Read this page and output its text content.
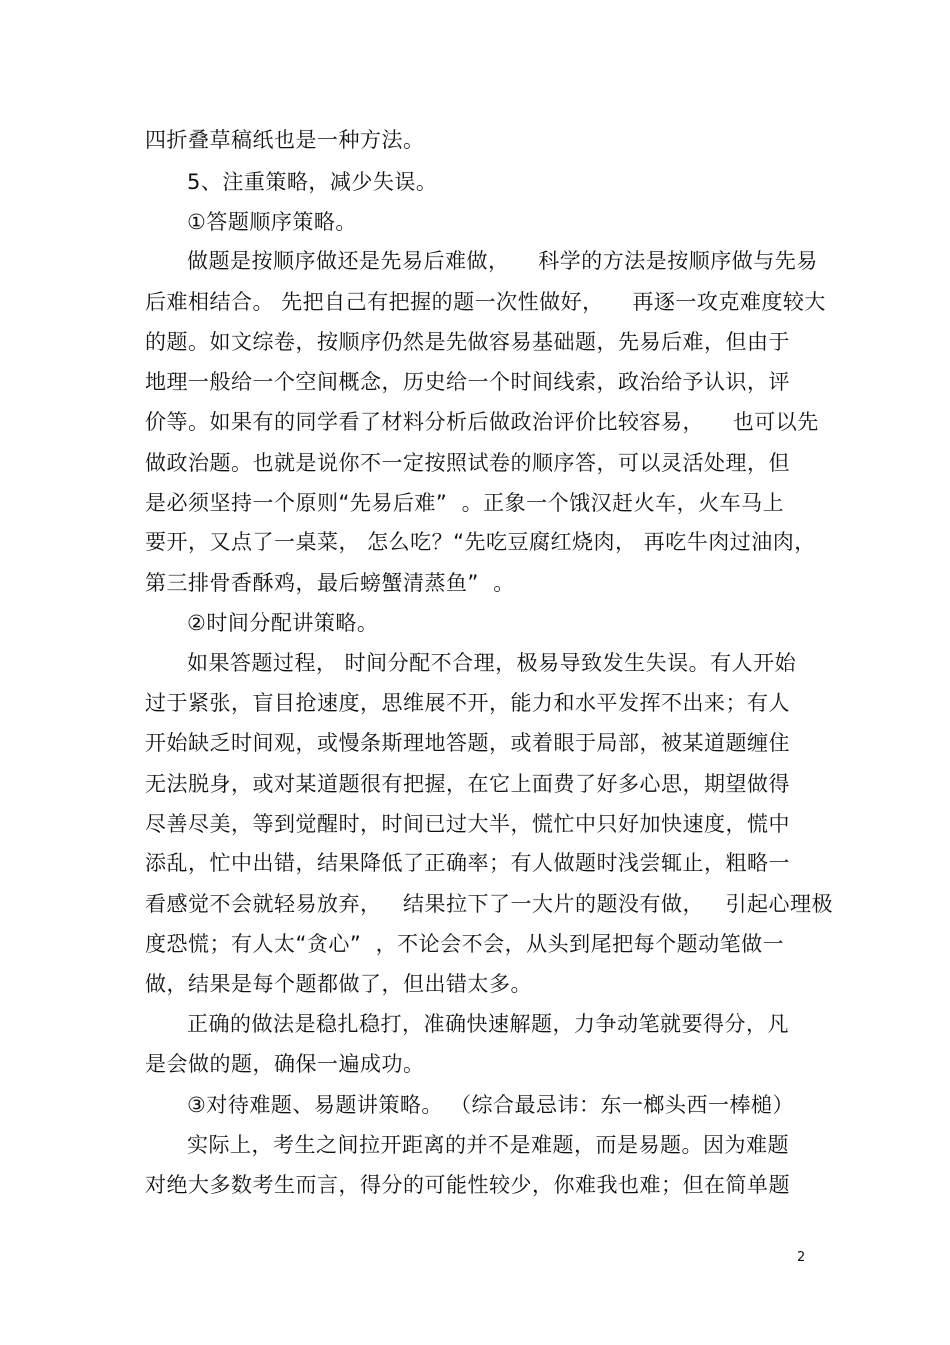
四折叠草稿纸也是一种方法。
5、注重策略，减少失误。
①答题顺序策略。
做题是按顺序做还是先易后难做，    科学的方法是按顺序做与先易
后难相结合。 先把自己有把握的题一次性做好，    再逐一攻克难度较大
的题。如文综卷，按顺序仍然是先做容易基础题，先易后难，但由于
地理一般给一个空间概念，历史给一个时间线索，政治给予认识，评
价等。如果有的同学看了材料分析后做政治评价比较容易，    也可以先
做政治题。也就是说你不一定按照试卷的顺序答，可以灵活处理，但
是必须坚持一个原则“先易后难”  。正象一个饿汉赶火车，火车马上
要开，又点了一桌菜， 怎么吃？“先吃豆腐红烧肉， 再吃牛肉过油肉，
第三排骨香酥鸡，最后螃蟹清蒸鱼”  。
②时间分配讲策略。
如果答题过程， 时间分配不合理，极易导致发生失误。有人开始
过于紧张，盲目抢速度，思维展不开，能力和水平发挥不出来；有人
开始缺乏时间观，或慢条斯理地答题，或着眼于局部，被某道题缠住
无法脱身，或对某道题很有把握，在它上面费了好多心思，期望做得
尽善尽美，等到觉醒时，时间已过大半，慌忙中只好加快速度，慌中
添乱，忙中出错，结果降低了正确率；有人做题时浅尝辄止，粗略一
看感觉不会就轻易放弃，   结果拉下了一大片的题没有做，   引起心理极
度恐慌；有人太“贪心”  ，不论会不会，从头到尾把每个题动笔做一
做，结果是每个题都做了，但出错太多。
正确的做法是稳扎稳打，准确快速解题，力争动笔就要得分，凡
是会做的题，确保一遍成功。
③对待难题、易题讲策略。 （综合最忌讳：东一榔头西一棒槌）
实际上，考生之间拉开距离的并不是难题，而是易题。因为难题
对绝大多数考生而言，得分的可能性较少，你难我也难；但在简单题
2
